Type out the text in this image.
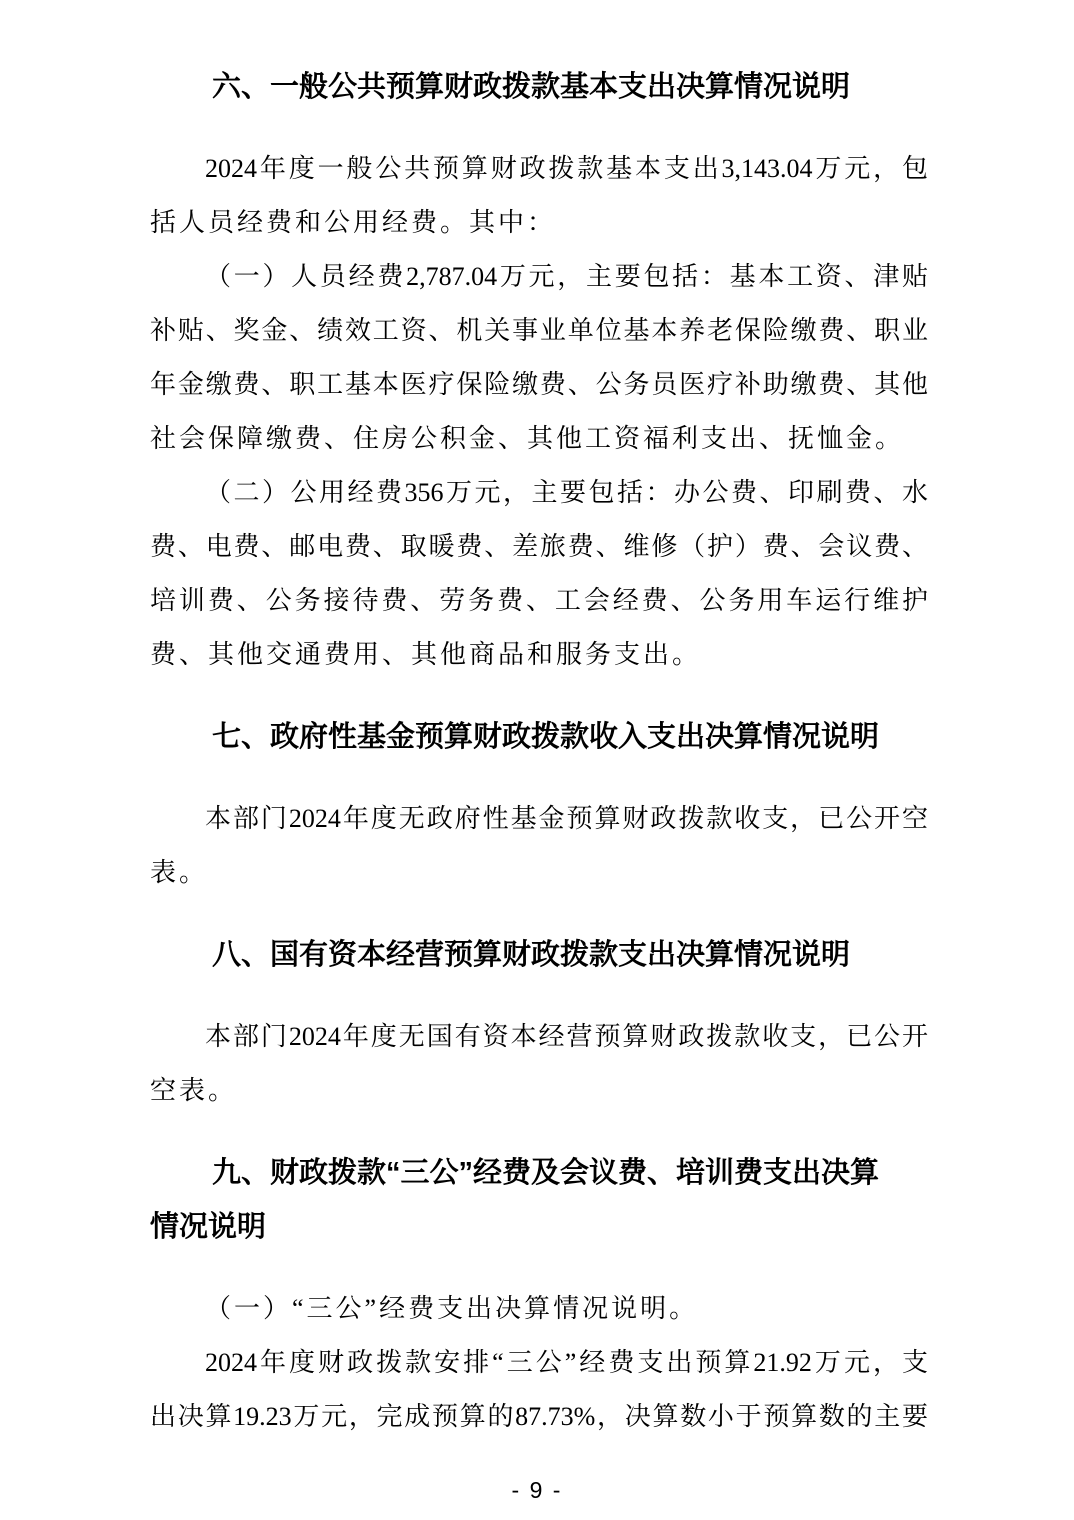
六、一般公共预算财政拨款基本支出决算情况说明
2024年度一般公共预算财政拨款基本支出3,143.04万元，包
括人员经费和公用经费。其中：
（一）人员经费2,787.04万元，主要包括：基本工资、津贴
补贴、奖金、绩效工资、机关事业单位基本养老保险缴费、职业
年金缴费、职工基本医疗保险缴费、公务员医疗补助缴费、其他
社会保障缴费、住房公积金、其他工资福利支出、抚恤金。
（二）公用经费356万元，主要包括：办公费、印刷费、水
费、电费、邮电费、取暖费、差旅费、维修（护）费、会议费、
培训费、公务接待费、劳务费、工会经费、公务用车运行维护
费、其他交通费用、其他商品和服务支出。
七、政府性基金预算财政拨款收入支出决算情况说明
本部门2024年度无政府性基金预算财政拨款收支，已公开空
表。
八、国有资本经营预算财政拨款支出决算情况说明
本部门2024年度无国有资本经营预算财政拨款收支，已公开
空表。
九、财政拨款“三公”经费及会议费、培训费支出决算
情况说明
（一）“三公”经费支出决算情况说明。
2024年度财政拨款安排“三公”经费支出预算21.92万元，支
出决算19.23万元，完成预算的87.73%，决算数小于预算数的主要
- 9 -
